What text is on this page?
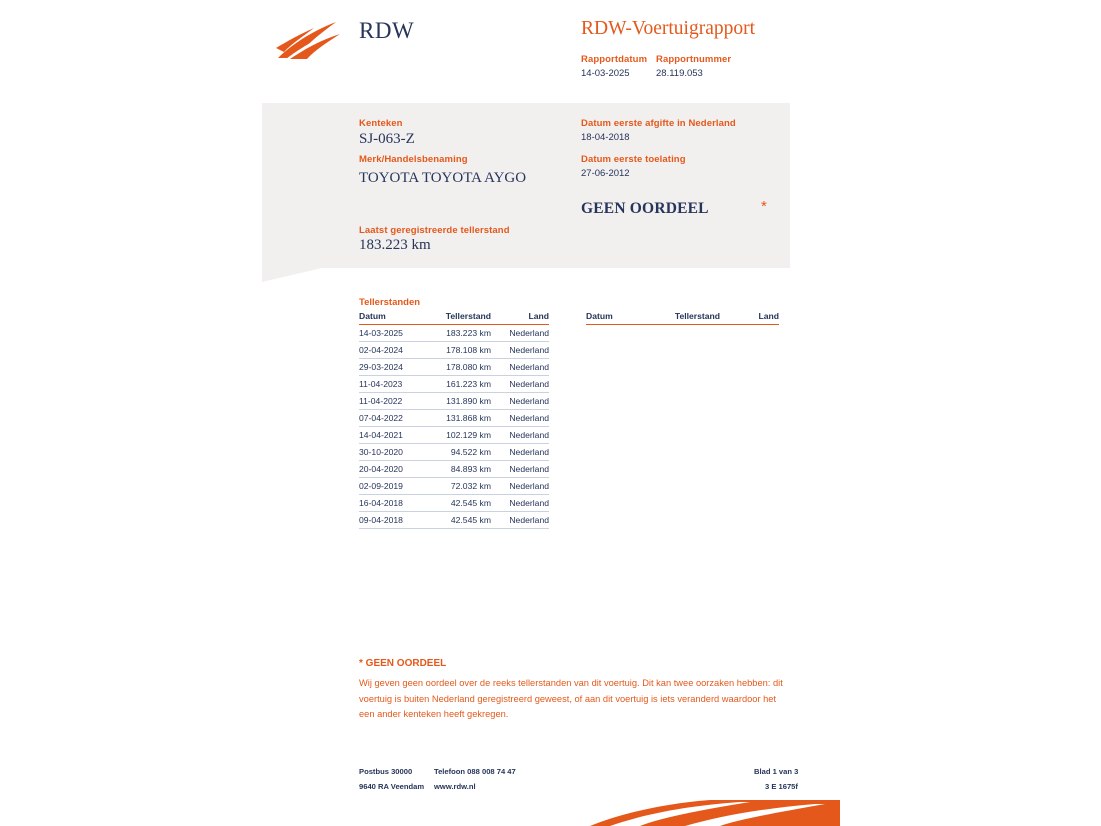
RDW	RDW-Voertuigrapport
Rapportdatum Rapportnummer
14-03-2025	28.119.053
Kenteken
SJ-063-Z
Merk/Handelsbenaming
TOYOTA TOYOTA AYGO
Laatst geregistreerde tellerstand
183.223 km
Datum eerste afgifte in Nederland
18-04-2018
Datum eerste toelating
27-06-2012
GEEN OORDEEL	*
Tellerstanden
Datum	Tellerstand	Land
14-03-2025	183.223 km	Nederland
02-04-2024	178.108 km	Nederland
29-03-2024	178.080 km	Nederland
11-04-2023	161.223 km	Nederland
11-04-2022	131.890 km	Nederland
07-04-2022	131.868 km	Nederland
14-04-2021	102.129 km	Nederland
30-10-2020	94.522 km	Nederland
20-04-2020	84.893 km	Nederland
02-09-2019	72.032 km	Nederland
16-04-2018	42.545 km	Nederland
09-04-2018	42.545 km	Nederland
Datum	Tellerstand	Land
* GEEN OORDEEL
Wij geven geen oordeel over de reeks tellerstanden van dit voertuig. Dit kan twee oorzaken hebben: dit voertuig is buiten Nederland geregistreerd geweest, of aan dit voertuig is iets veranderd waardoor het een ander kenteken heeft gekregen.
Postbus 30000
9640 RA Veendam
Telefoon 088 008 74 47
www.rdw.nl
Blad 1 van 3
3 E 1675f
